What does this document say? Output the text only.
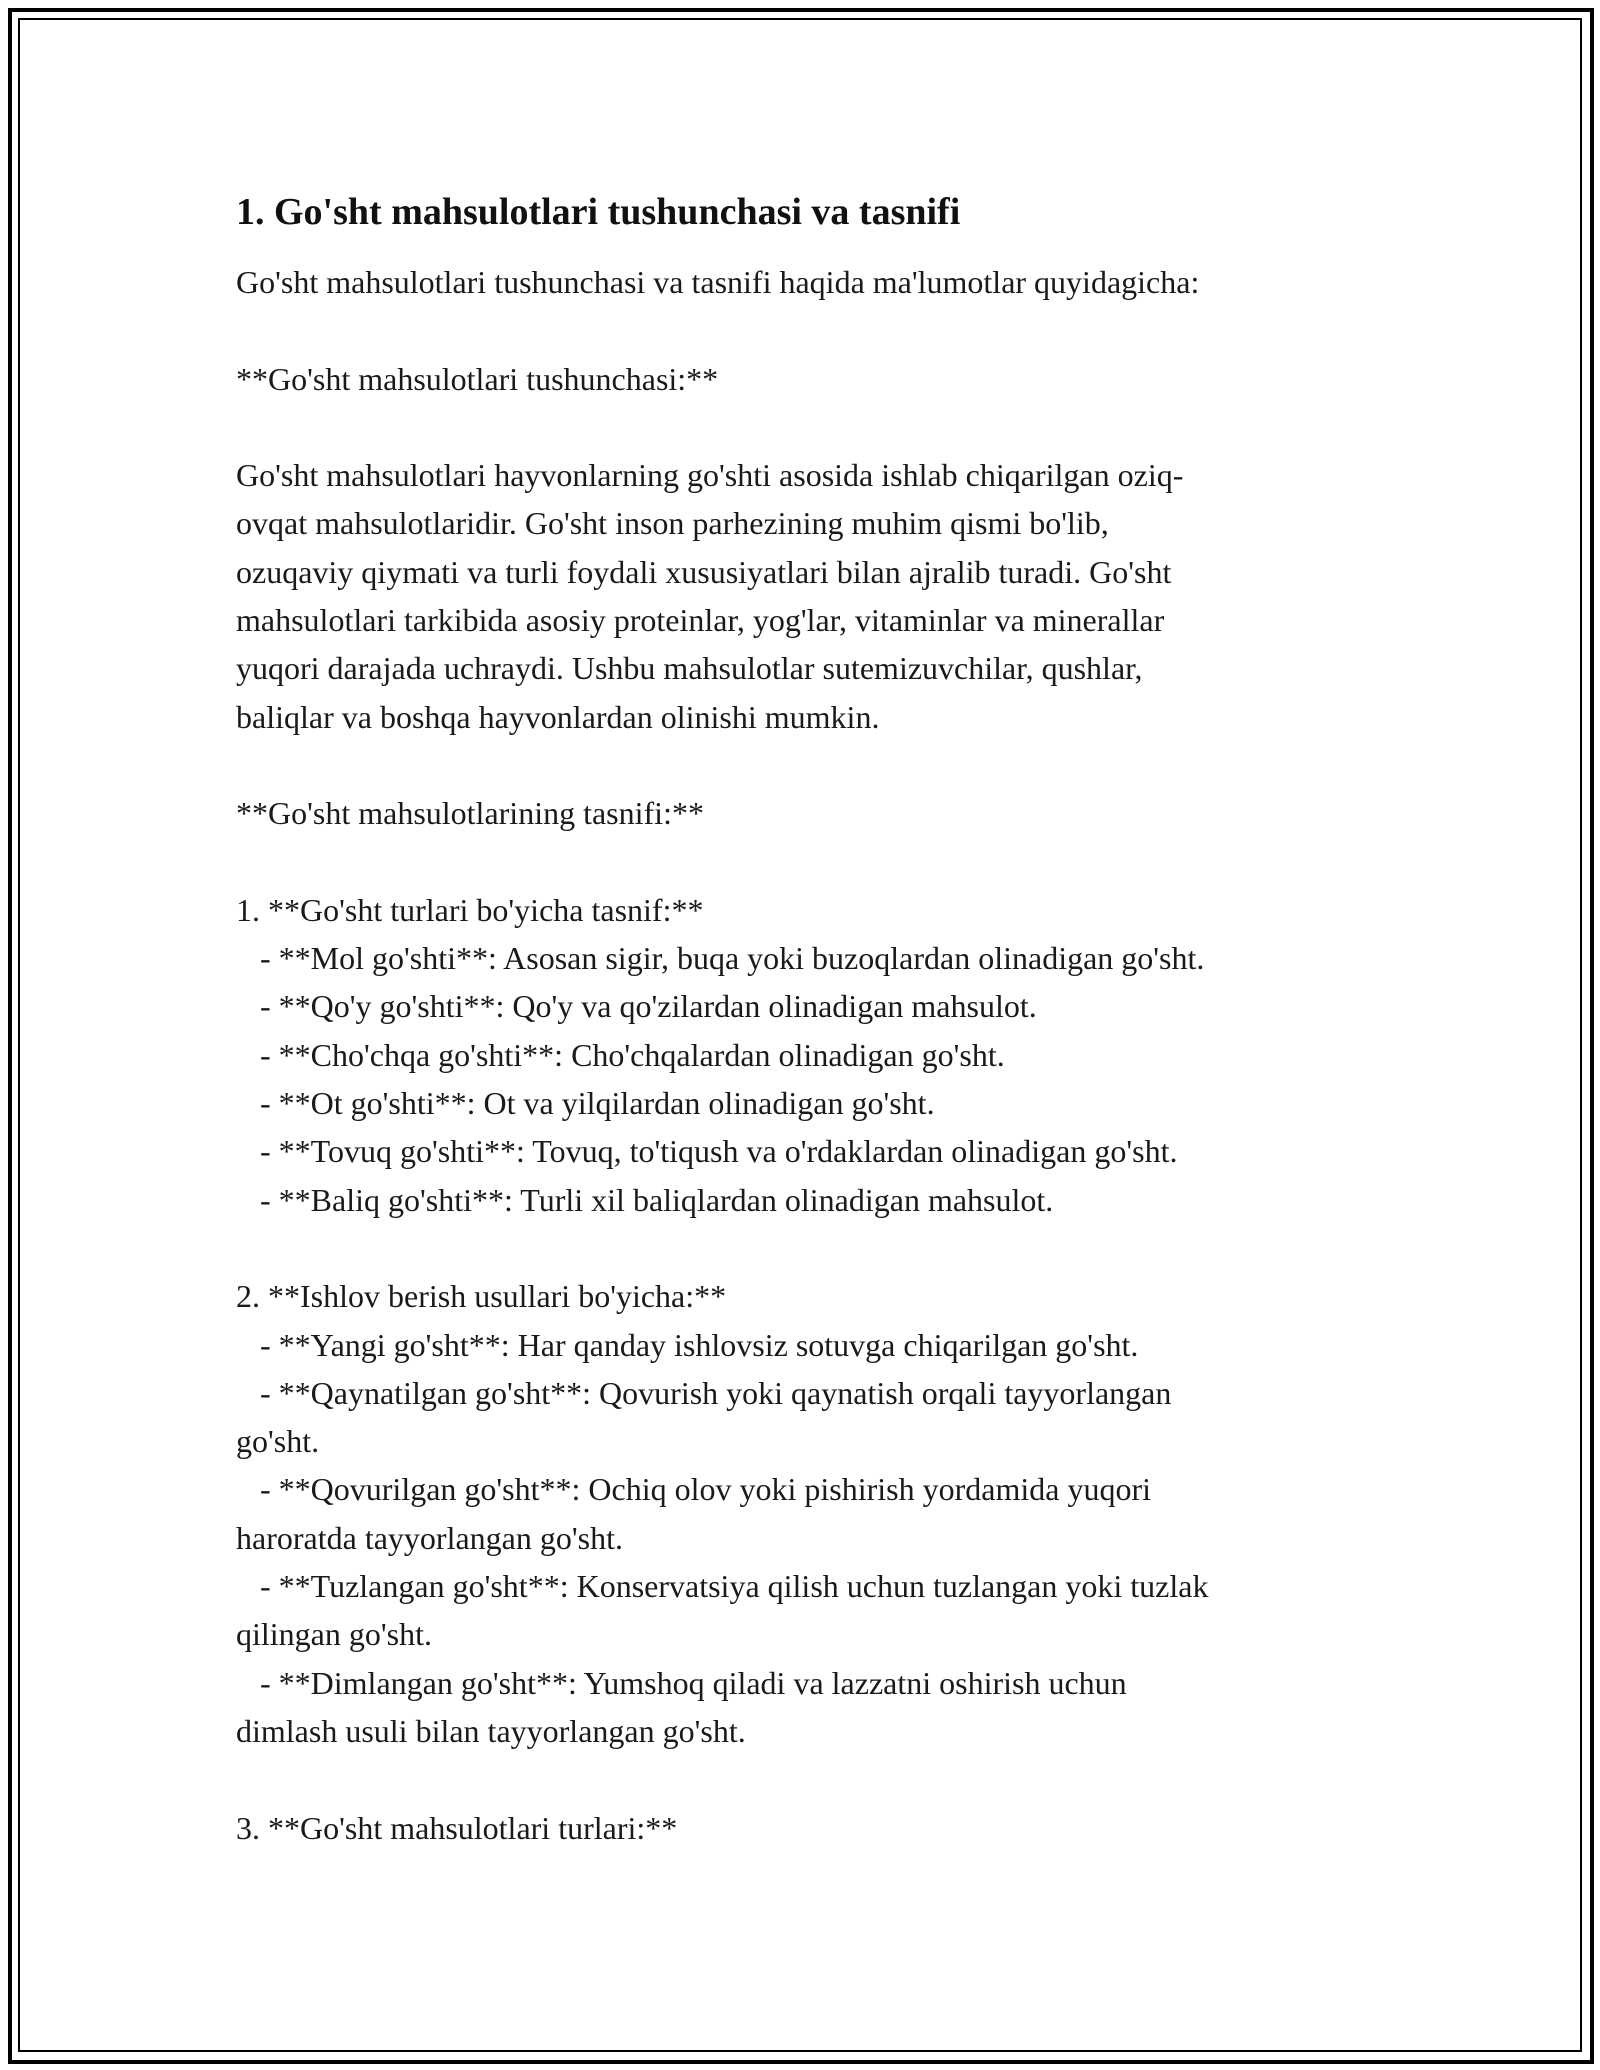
1. Go'sht mahsulotlari tushunchasi va tasnifi

Go'sht mahsulotlari tushunchasi va tasnifi haqida ma'lumotlar quyidagicha:

**Go'sht mahsulotlari tushunchasi:**

Go'sht mahsulotlari hayvonlarning go'shti asosida ishlab chiqarilgan oziq-

ovqat mahsulotlaridir. Go'sht inson parhezining muhim qismi bo'lib,

ozuqaviy qiymati va turli foydali xususiyatlari bilan ajralib turadi. Go'sht

mahsulotlari tarkibida asosiy proteinlar, yog'lar, vitaminlar va minerallar

yuqori darajada uchraydi. Ushbu mahsulotlar sutemizuvchilar, qushlar,

baliqlar va boshqa hayvonlardan olinishi mumkin.

**Go'sht mahsulotlarining tasnifi:**

1. **Go'sht turlari bo'yicha tasnif:**

- **Mol go'shti**: Asosan sigir, buqa yoki buzoqlardan olinadigan go'sht.

- **Qo'y go'shti**: Qo'y va qo'zilardan olinadigan mahsulot.

- **Cho'chqa go'shti**: Cho'chqalardan olinadigan go'sht.

- **Ot go'shti**: Ot va yilqilardan olinadigan go'sht.

- **Tovuq go'shti**: Tovuq, to'tiqush va o'rdaklardan olinadigan go'sht.

- **Baliq go'shti**: Turli xil baliqlardan olinadigan mahsulot.

2. **Ishlov berish usullari bo'yicha:**

- **Yangi go'sht**: Har qanday ishlovsiz sotuvga chiqarilgan go'sht.

- **Qaynatilgan go'sht**: Qovurish yoki qaynatish orqali tayyorlangan

go'sht.

- **Qovurilgan go'sht**: Ochiq olov yoki pishirish yordamida yuqori

haroratda tayyorlangan go'sht.

- **Tuzlangan go'sht**: Konservatsiya qilish uchun tuzlangan yoki tuzlak

qilingan go'sht.

- **Dimlangan go'sht**: Yumshoq qiladi va lazzatni oshirish uchun

dimlash usuli bilan tayyorlangan go'sht.

3. **Go'sht mahsulotlari turlari:**
